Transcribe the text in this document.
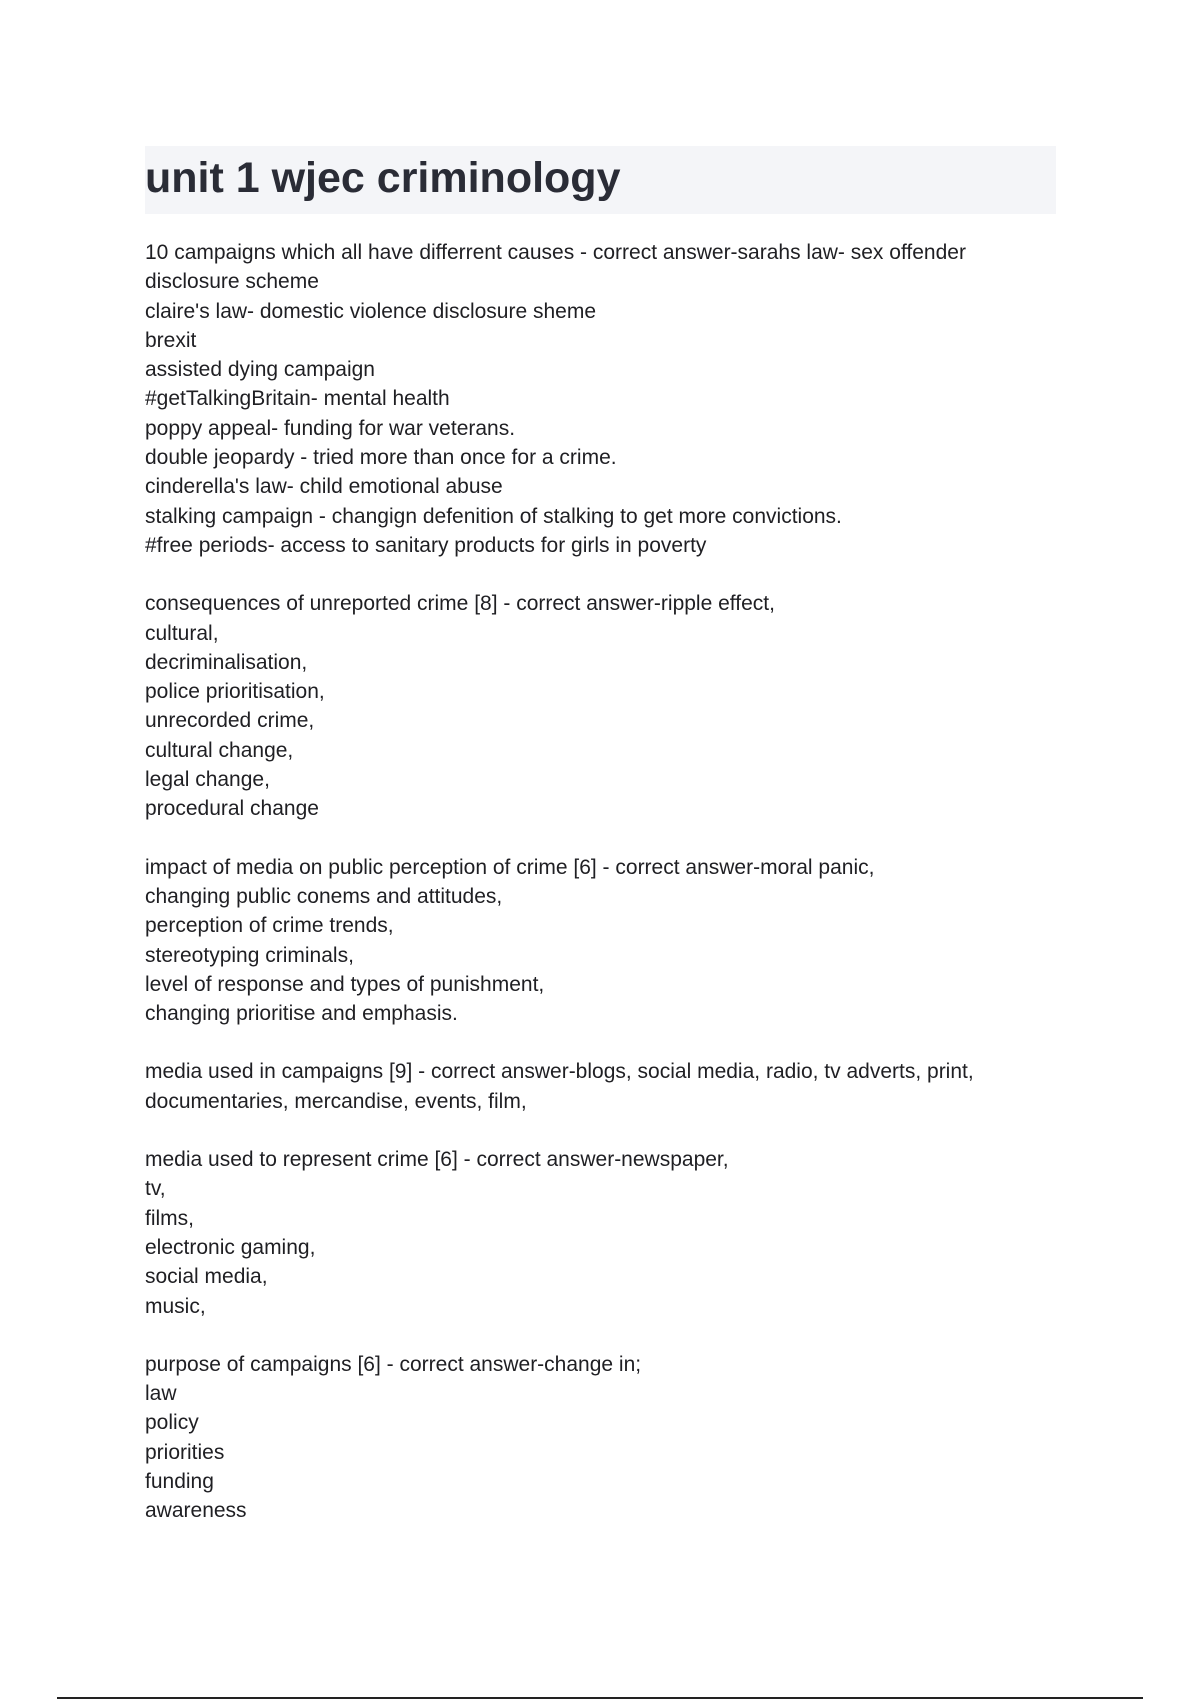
unit 1 wjec criminology
10 campaigns which all have differrent causes - correct answer-sarahs law- sex offender
disclosure scheme
claire's law- domestic violence disclosure sheme
brexit
assisted dying campaign
#getTalkingBritain- mental health
poppy appeal- funding for war veterans.
double jeopardy - tried more than once for a crime.
cinderella's law- child emotional abuse
stalking campaign - changign defenition of stalking to get more convictions.
#free periods- access to sanitary products for girls in poverty
consequences of unreported crime [8] - correct answer-ripple effect,
cultural,
decriminalisation,
police prioritisation,
unrecorded crime,
cultural change,
legal change,
procedural change
impact of media on public perception of crime [6] - correct answer-moral panic,
changing public conems and attitudes,
perception of crime trends,
stereotyping criminals,
level of response and types of punishment,
changing prioritise and emphasis.
media used in campaigns [9] - correct answer-blogs, social media, radio, tv adverts, print,
documentaries, mercandise, events, film,
media used to represent crime [6] - correct answer-newspaper,
tv,
films,
electronic gaming,
social media,
music,
purpose of campaigns [6] - correct answer-change in;
law
policy
priorities
funding
awareness
